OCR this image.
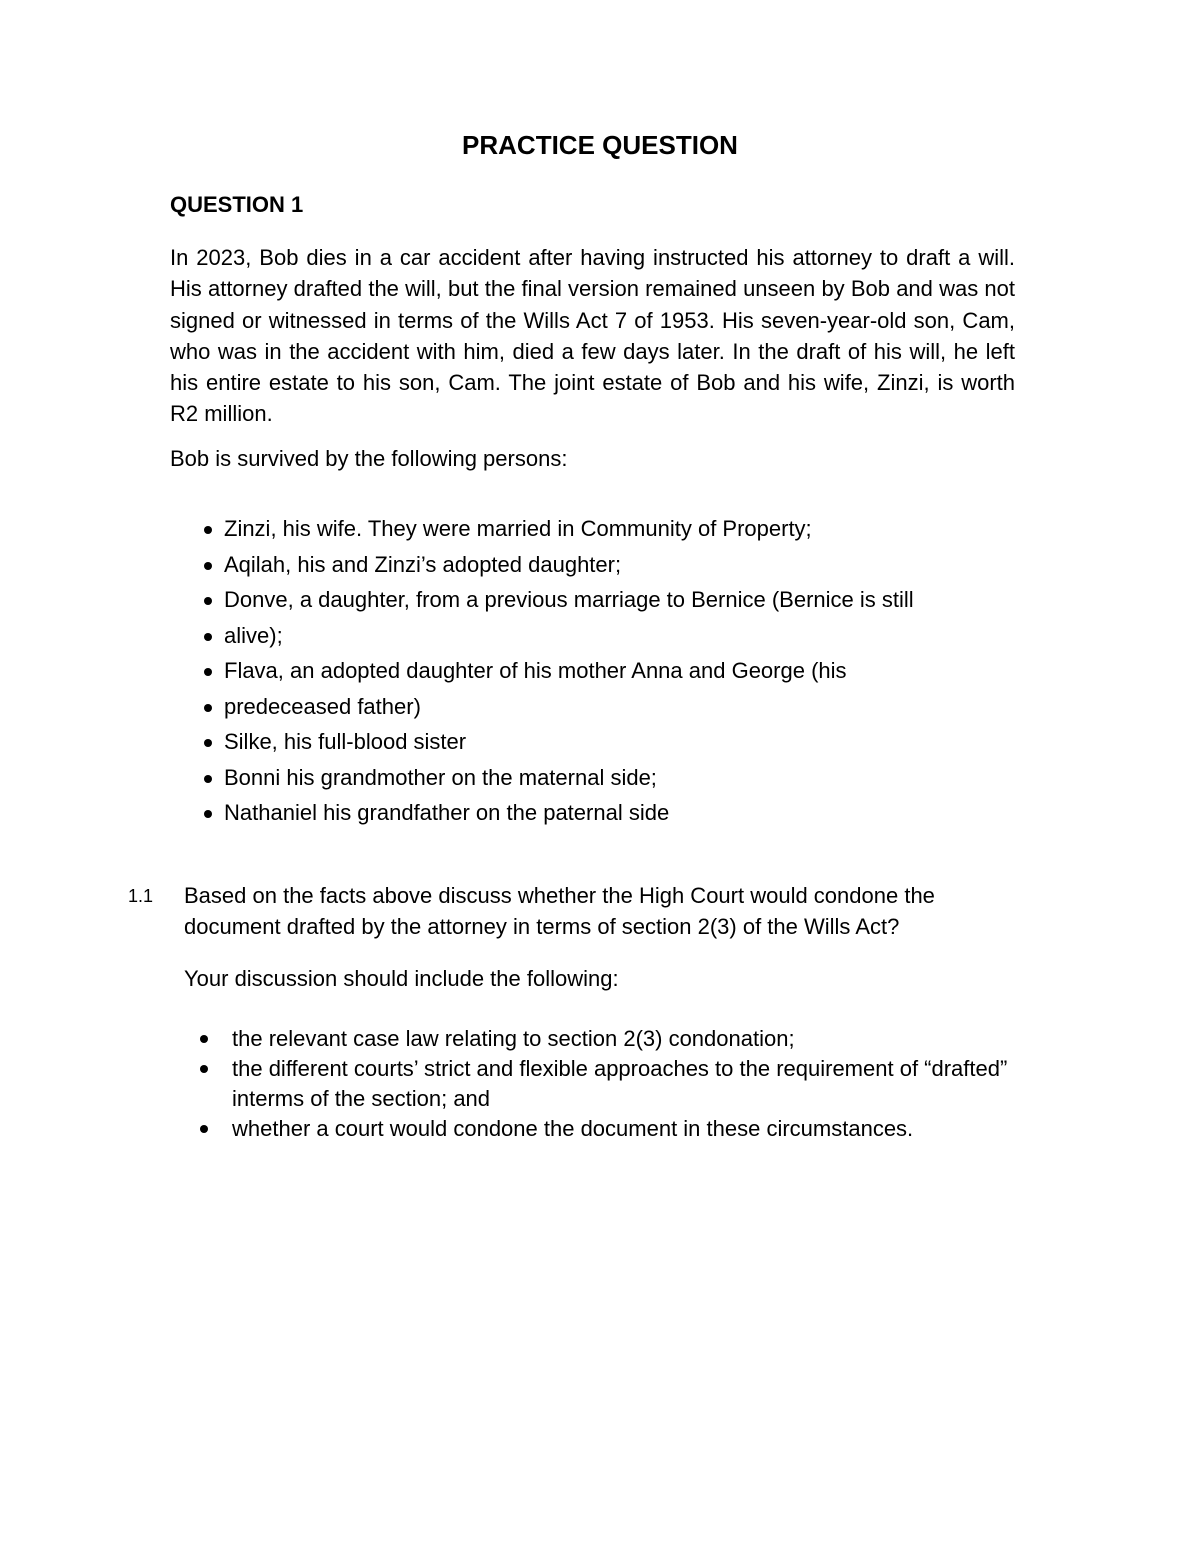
PRACTICE QUESTION
QUESTION 1

In 2023, Bob dies in a car accident after having instructed his attorney to draft a will. His attorney drafted the will, but the final version remained unseen by Bob and was not signed or witnessed in terms of the Wills Act 7 of 1953. His seven-year-old son, Cam, who was in the accident with him, died a few days later. In the draft of his will, he left his entire estate to his son, Cam. The joint estate of Bob and his wife, Zinzi, is worth R2 million.

Bob is survived by the following persons:

Zinzi, his wife. They were married in Community of Property;
Aqilah, his and Zinzi’s adopted daughter;
Donve, a daughter, from a previous marriage to Bernice (Bernice is still
alive);
Flava, an adopted daughter of his mother Anna and George (his
predeceased father)
Silke, his full-blood sister
Bonni his grandmother on the maternal side;
Nathaniel his grandfather on the paternal side

1.1 Based on the facts above discuss whether the High Court would condone the document drafted by the attorney in terms of section 2(3) of the Wills Act?

Your discussion should include the following:

the relevant case law relating to section 2(3) condonation;
the different courts’ strict and flexible approaches to the requirement of “drafted” interms of the section; and
whether a court would condone the document in these circumstances.
